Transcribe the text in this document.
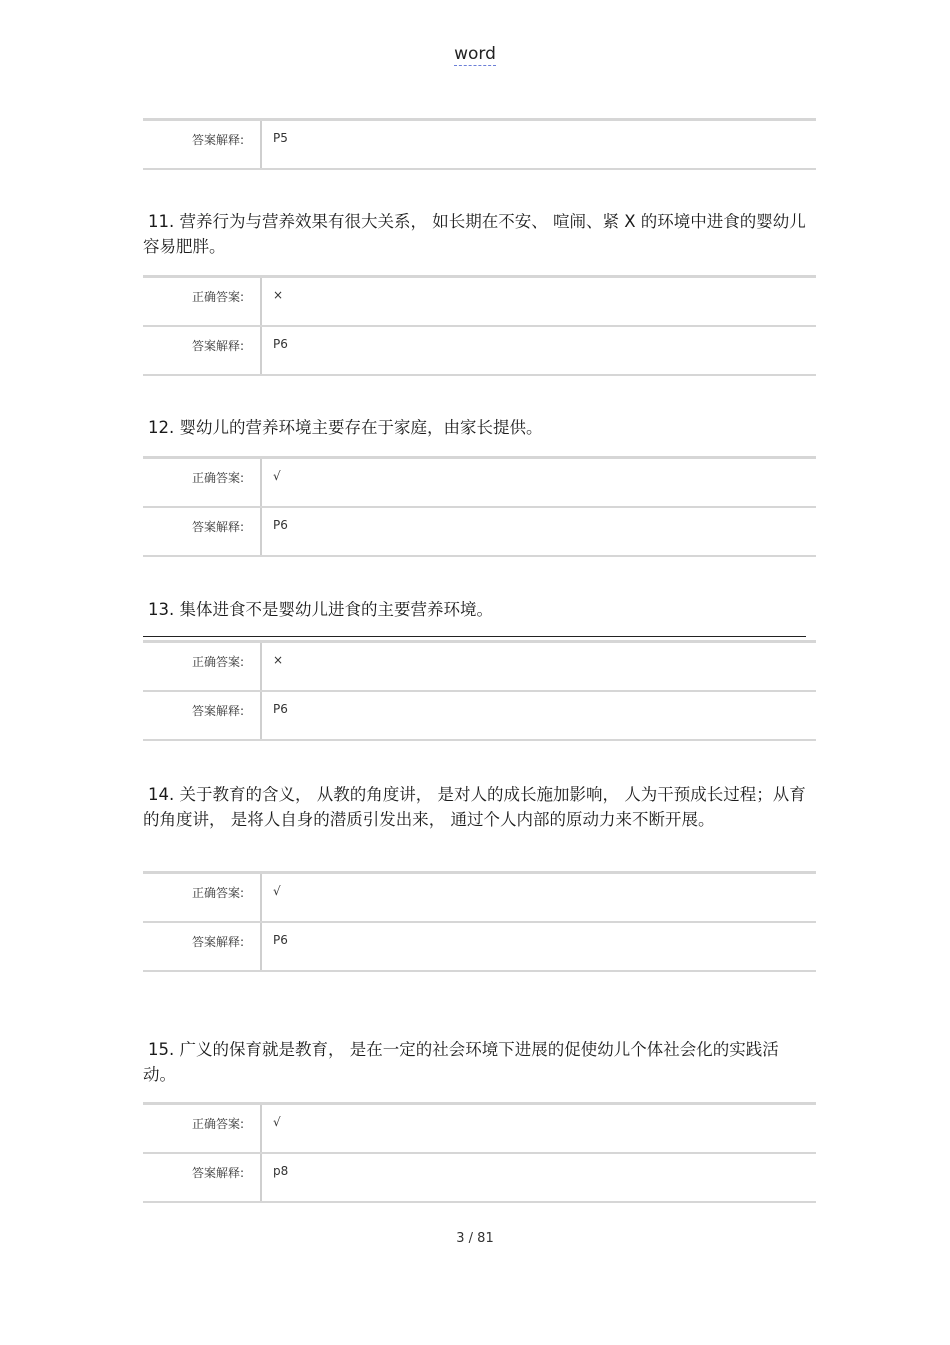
word
答案解释:	P5
11. 营养行为与营养效果有很大关系， 如长期在不安、 喧闹、紧 X 的环境中进食的婴幼儿容易肥胖。
正确答案:	×
答案解释:	P6
12. 婴幼儿的营养环境主要存在于家庭，由家长提供。
正确答案:	√
答案解释:	P6
13. 集体进食不是婴幼儿进食的主要营养环境。
正确答案:	×
答案解释:	P6
14. 关于教育的含义， 从教的角度讲， 是对人的成长施加影响， 人为干预成长过程；从育的角度讲， 是将人自身的潜质引发出来， 通过个人内部的原动力来不断开展。
正确答案:	√
答案解释:	P6
15. 广义的保育就是教育， 是在一定的社会环境下进展的促使幼儿个体社会化的实践活动。
正确答案:	√
答案解释:	p8
3 / 81
